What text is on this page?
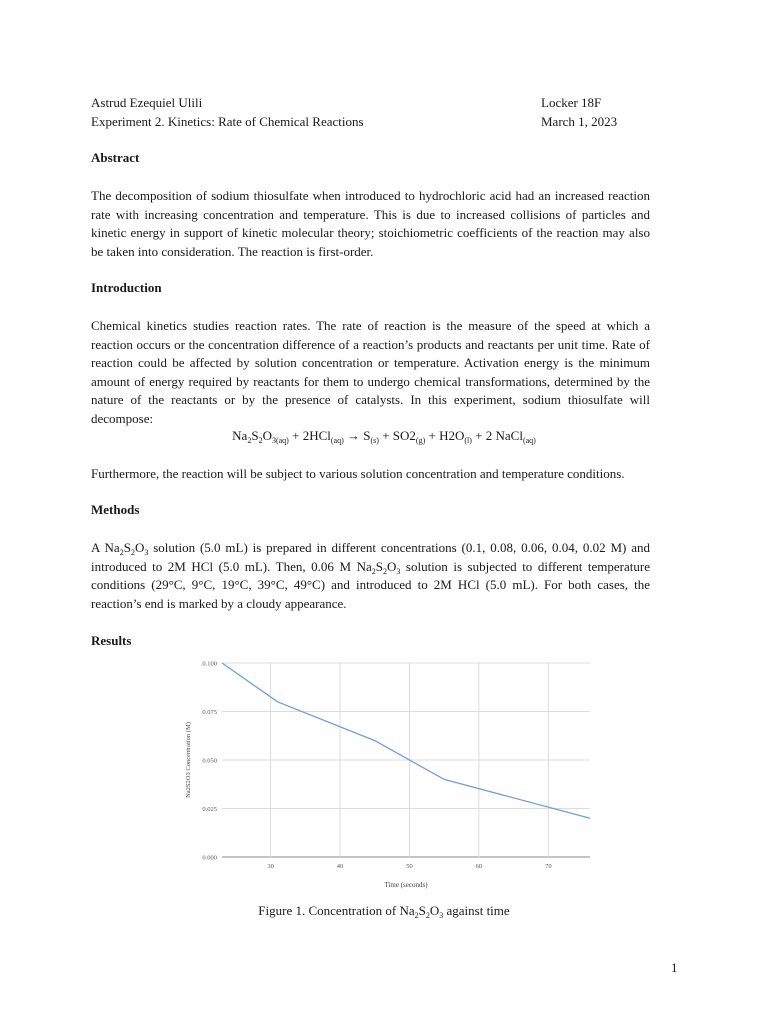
Astrud Ezequiel Ulili	Locker 18F
Experiment 2. Kinetics: Rate of Chemical Reactions	March 1, 2023
Abstract
The decomposition of sodium thiosulfate when introduced to hydrochloric acid had an increased reaction rate with increasing concentration and temperature. This is due to increased collisions of particles and kinetic energy in support of kinetic molecular theory; stoichiometric coefficients of the reaction may also be taken into consideration. The reaction is first-order.
Introduction
Chemical kinetics studies reaction rates. The rate of reaction is the measure of the speed at which a reaction occurs or the concentration difference of a reaction’s products and reactants per unit time. Rate of reaction could be affected by solution concentration or temperature. Activation energy is the minimum amount of energy required by reactants for them to undergo chemical transformations, determined by the nature of the reactants or by the presence of catalysts. In this experiment, sodium thiosulfate will decompose:
$Na_2S_2O_{3(aq)} + 2HCl_{(aq)} \to S_{(s)} + SO2_{(g)} + H2O_{(l)} + 2$ NaCl$_{(aq)}$
Furthermore, the reaction will be subject to various solution concentration and temperature conditions.
Methods
A $Na_2S_2O_3$ solution (5.0 mL) is prepared in different concentrations (0.1, 0.08, 0.06, 0.04, 0.02 M) and introduced to 2M HCl (5.0 mL). Then, 0.06 M $Na_2S_2O_3$ solution is subjected to different temperature conditions (29°C, 9°C, 19°C, 39°C, 49°C) and introduced to 2M HCl (5.0 mL). For both cases, the reaction’s end is marked by a cloudy appearance.
Results
0.000
0.025
0.050
0.075
0.100
30	40	50	60	70
Time (seconds)
Na2S2O3 Concentration (M)
Figure 1. Concentration of $Na_2S_2O_3$ against time
1
